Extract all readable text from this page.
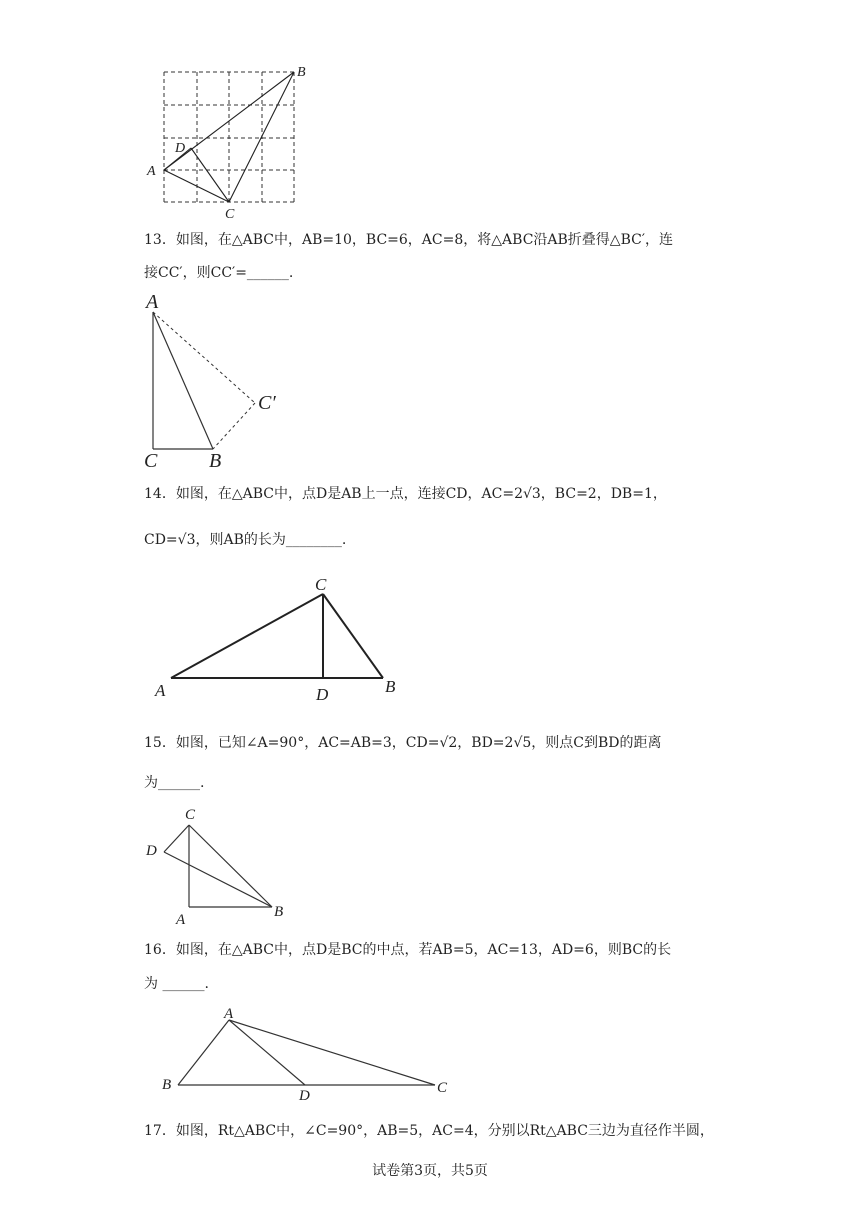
B
A
D
C
13．如图，在△ABC中，AB=10，BC=6，AC=8，将△ABC沿AB折叠得△BC′，连
接CC′，则CC′=______.
A
C′
C	B
14．如图，在△ABC中，点D是AB上一点，连接CD，AC=2√3，BC=2，DB=1，
CD=√3，则AB的长为________.
C
A	D	B
15．如图，已知∠A=90°，AC=AB=3，CD=√2，BD=2√5，则点C到BD的距离
为______.
C
D
A	B
16．如图，在△ABC中，点D是BC的中点，若AB=5，AC=13，AD=6，则BC的长
为 ______.
A
B
D	C
17．如图，Rt△ABC中，∠C=90°，AB=5，AC=4，分别以Rt△ABC三边为直径作半圆，
试卷第3页，共5页
